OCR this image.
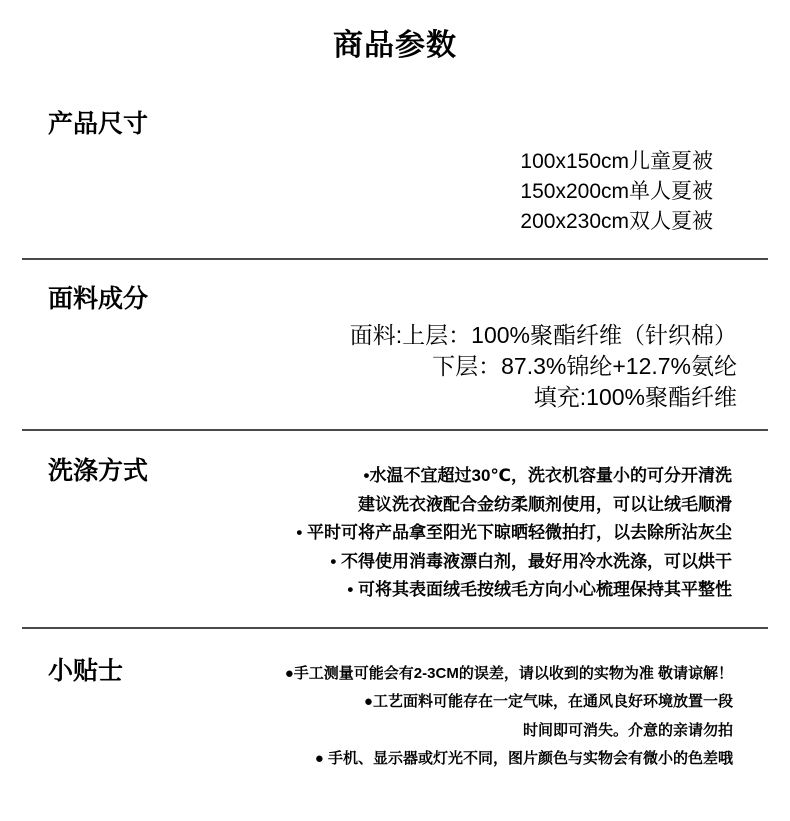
商品参数
产品尺寸
100x150cm儿童夏被
150x200cm单人夏被
200x230cm双人夏被
面料成分
面料:上层：100%聚酯纤维（针织棉）
下层：87.3%锦纶+12.7%氨纶
填充:100%聚酯纤维
洗涤方式	•水温不宜超过30℃，洗衣机容量小的可分开清洗
建议洗衣液配合金纺柔顺剂使用，可以让绒毛顺滑
• 平时可将产品拿至阳光下晾晒轻微拍打，以去除所沾灰尘
• 不得使用消毒液漂白剂，最好用冷水洗涤，可以烘干
• 可将其表面绒毛按绒毛方向小心梳理保持其平整性
小贴士	●手工测量可能会有2-3CM的误差，请以收到的实物为准 敬请谅解！
●工艺面料可能存在一定气味，在通风良好环境放置一段
时间即可消失。介意的亲请勿拍
● 手机、显示器或灯光不同，图片颜色与实物会有微小的色差哦
